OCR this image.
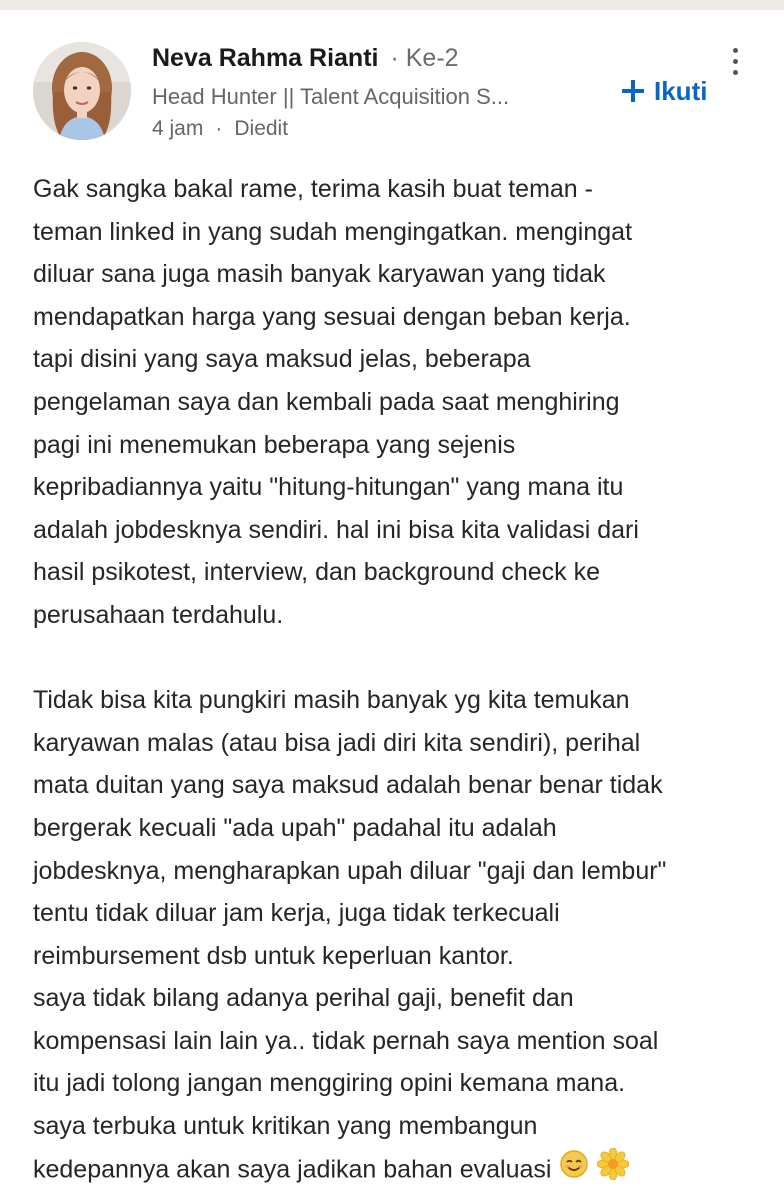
Neva Rahma Rianti · Ke-2
Head Hunter || Talent Acquisition S...
4 jam · Diedit
Ikuti
Gak sangka bakal rame, terima kasih buat teman -
teman linked in yang sudah mengingatkan. mengingat
diluar sana juga masih banyak karyawan yang tidak
mendapatkan harga yang sesuai dengan beban kerja.
tapi disini yang saya maksud jelas, beberapa
pengelaman saya dan kembali pada saat menghiring
pagi ini menemukan beberapa yang sejenis
kepribadiannya yaitu "hitung-hitungan" yang mana itu
adalah jobdesknya sendiri. hal ini bisa kita validasi dari
hasil psikotest, interview, dan background check ke
perusahaan terdahulu.
Tidak bisa kita pungkiri masih banyak yg kita temukan
karyawan malas (atau bisa jadi diri kita sendiri), perihal
mata duitan yang saya maksud adalah benar benar tidak
bergerak kecuali "ada upah" padahal itu adalah
jobdesknya, mengharapkan upah diluar "gaji dan lembur"
tentu tidak diluar jam kerja, juga tidak terkecuali
reimbursement dsb untuk keperluan kantor.
saya tidak bilang adanya perihal gaji, benefit dan
kompensasi lain lain ya.. tidak pernah saya mention soal
itu jadi tolong jangan menggiring opini kemana mana.
saya terbuka untuk kritikan yang membangun
kedepannya akan saya jadikan bahan evaluasi
